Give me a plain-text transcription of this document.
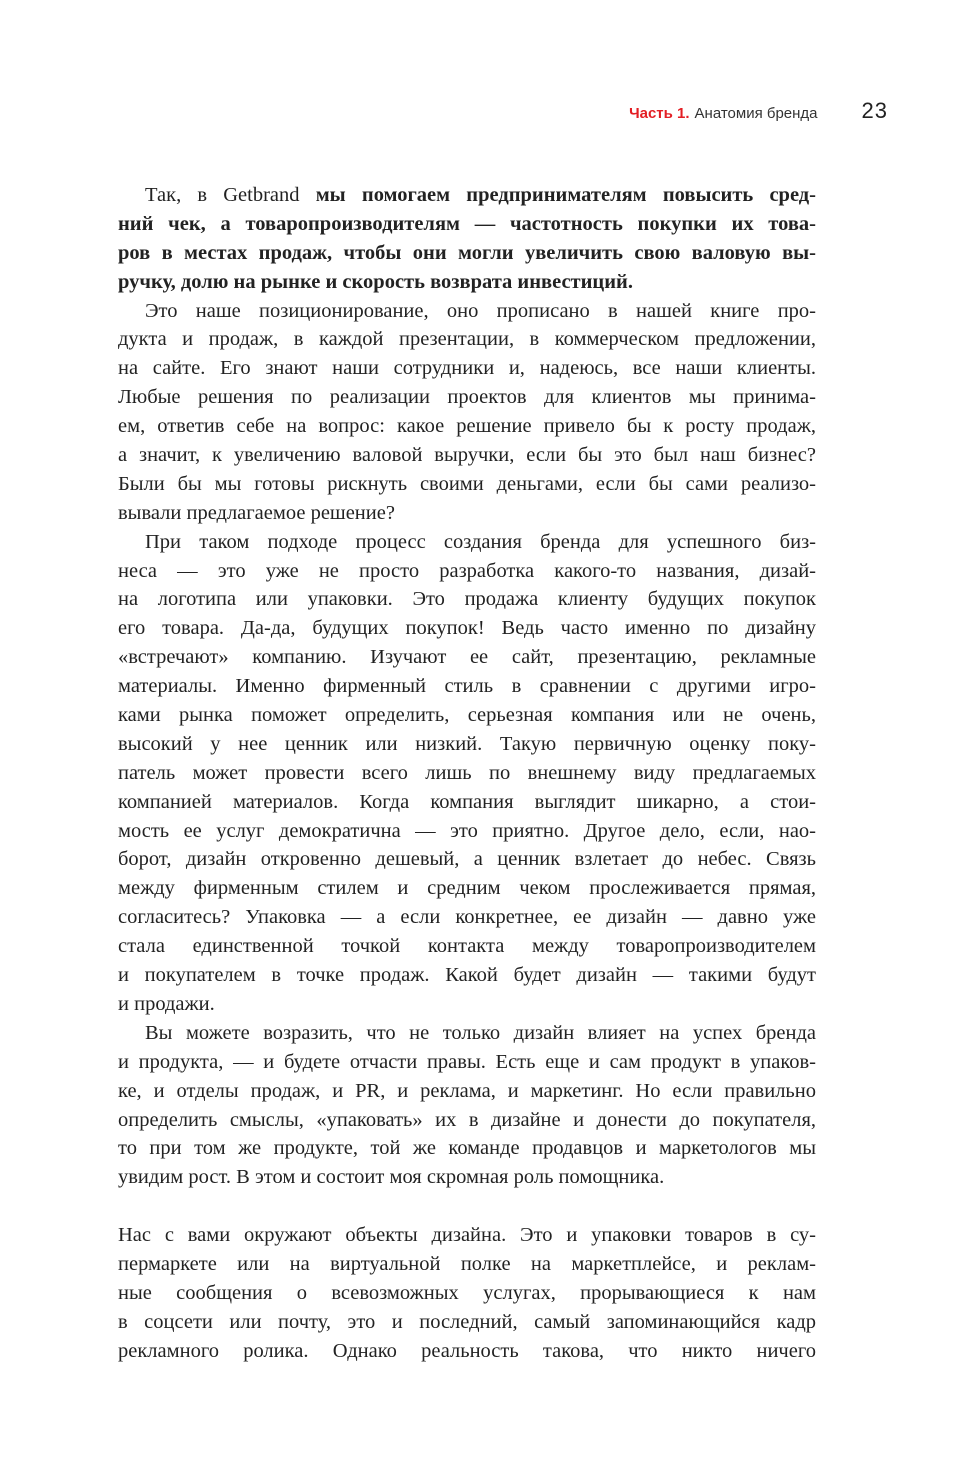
Часть 1. Анатомия бренда 23
Так, в Getbrand мы помогаем предпринимателям повысить сред-
ний чек, а товаропроизводителям — частотность покупки их това-
ров в местах продаж, чтобы они могли увеличить свою валовую вы-
ручку, долю на рынке и скорость возврата инвестиций.
Это наше позиционирование, оно прописано в нашей книге про-
дукта и продаж, в каждой презентации, в коммерческом предложении,
на сайте. Его знают наши сотрудники и, надеюсь, все наши клиенты.
Любые решения по реализации проектов для клиентов мы принима-
ем, ответив себе на вопрос: какое решение привело бы к росту продаж,
а значит, к увеличению валовой выручки, если бы это был наш бизнес?
Были бы мы готовы рискнуть своими деньгами, если бы сами реализо-
вывали предлагаемое решение?
При таком подходе процесс создания бренда для успешного биз-
неса — это уже не просто разработка какого-то названия, дизай-
на логотипа или упаковки. Это продажа клиенту будущих покупок
его товара. Да-да, будущих покупок! Ведь часто именно по дизайну
«встречают» компанию. Изучают ее сайт, презентацию, рекламные
материалы. Именно фирменный стиль в сравнении с другими игро-
ками рынка поможет определить, серьезная компания или не очень,
высокий у нее ценник или низкий. Такую первичную оценку поку-
патель может провести всего лишь по внешнему виду предлагаемых
компанией материалов. Когда компания выглядит шикарно, а стои-
мость ее услуг демократична — это приятно. Другое дело, если, нао-
борот, дизайн откровенно дешевый, а ценник взлетает до небес. Связь
между фирменным стилем и средним чеком прослеживается прямая,
согласитесь? Упаковка — а если конкретнее, ее дизайн — давно уже
стала единственной точкой контакта между товаропроизводителем
и покупателем в точке продаж. Какой будет дизайн — такими будут
и продажи.
Вы можете возразить, что не только дизайн влияет на успех бренда
и продукта, — и будете отчасти правы. Есть еще и сам продукт в упаков-
ке, и отделы продаж, и PR, и реклама, и маркетинг. Но если правильно
определить смыслы, «упаковать» их в дизайне и донести до покупателя,
то при том же продукте, той же команде продавцов и маркетологов мы
увидим рост. В этом и состоит моя скромная роль помощника.
Нас с вами окружают объекты дизайна. Это и упаковки товаров в су-
пермаркете или на виртуальной полке на маркетплейсе, и реклам-
ные сообщения о всевозможных услугах, прорывающиеся к нам
в соцсети или почту, это и последний, самый запоминающийся кадр
рекламного ролика. Однако реальность такова, что никто ничего
